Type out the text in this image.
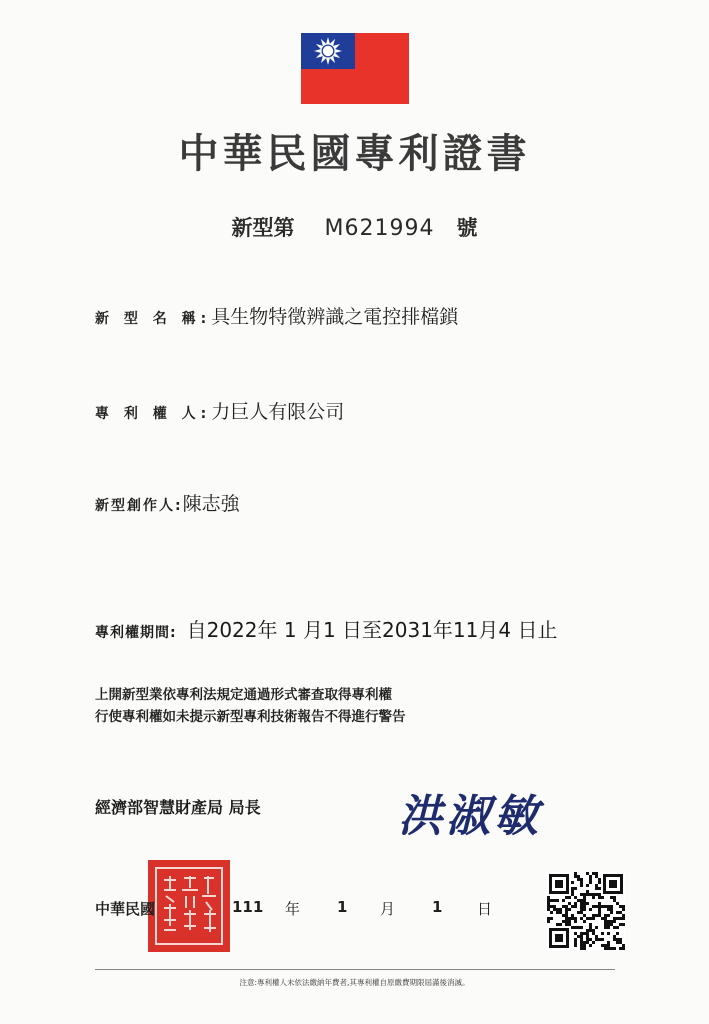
中華民國專利證書
新型第 M621994 號
新 型 名 稱:具生物特徵辨識之電控排檔鎖
專 利 權 人:力巨人有限公司
新型創作人:陳志強
專利權期間: 自2022年 1 月1 日至2031年11月4 日止
上開新型業依專利法規定通過形式審查取得專利權
行使專利權如未提示新型專利技術報告不得進行警告
經濟部智慧財產局 局長	洪淑敏
中華民國	111 年 1 月 1 日
注意:專利權人未依法繳納年費者,其專利權自原繳費期限屆滿後消滅。
